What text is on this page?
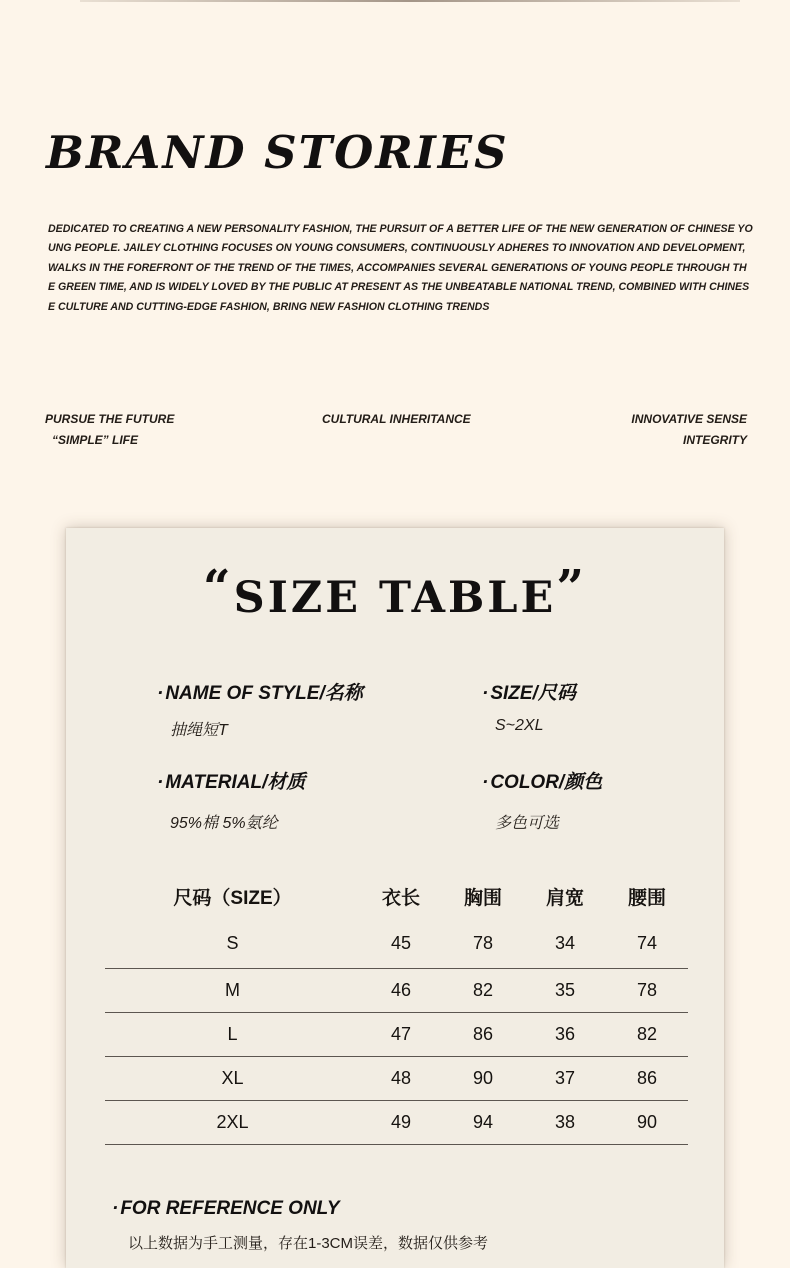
BRAND STORIES

DEDICATED TO CREATING A NEW PERSONALITY FASHION, THE PURSUIT OF A BETTER LIFE OF THE NEW GENERATION OF CHINESE YOUNG PEOPLE. JAILEY CLOTHING FOCUSES ON YOUNG CONSUMERS, CONTINUOUSLY ADHERES TO INNOVATION AND DEVELOPMENT, WALKS IN THE FOREFRONT OF THE TREND OF THE TIMES, ACCOMPANIES SEVERAL GENERATIONS OF YOUNG PEOPLE THROUGH THE GREEN TIME, AND IS WIDELY LOVED BY THE PUBLIC AT PRESENT AS THE UNBEATABLE NATIONAL TREND, COMBINED WITH CHINESE CULTURE AND CUTTING-EDGE FASHION, BRING NEW FASHION CLOTHING TRENDS

PURSUE THE FUTURE
“SIMPLE” LIFE
CULTURAL INHERITANCE	INNOVATIVE SENSE
INTEGRITY
“SIZE TABLE”
· NAME OF STYLE/名称
抽绳短T
· SIZE/尺码
S~2XL
· MATERIAL/材质
95%棉 5%氨纶
· COLOR/颜色
多色可选
尺码（SIZE）	衣长	胸围	肩宽	腰围
S	45	78	34	74
M	46	82	35	78
L	47	86	36	82
XL	48	90	37	86
2XL	49	94	38	90
· FOR REFERENCE ONLY
以上数据为手工测量，存在1-3CM误差，数据仅供参考
